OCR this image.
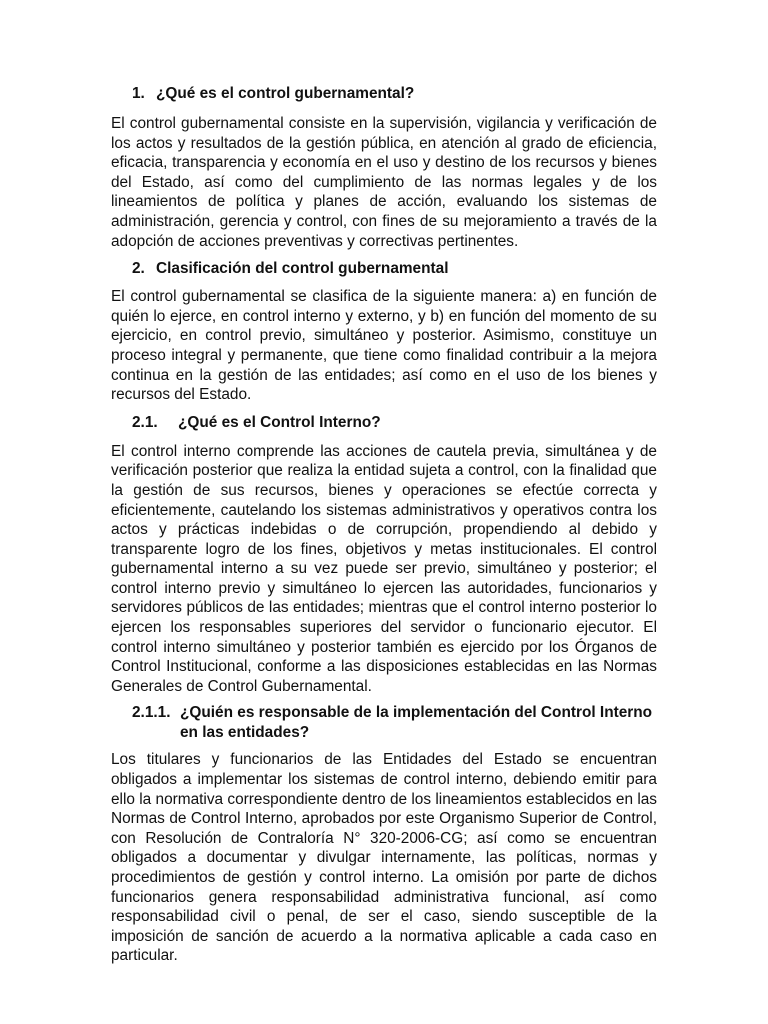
1. ¿Qué es el control gubernamental?

El control gubernamental consiste en la supervisión, vigilancia y verificación de los actos y resultados de la gestión pública, en atención al grado de eficiencia, eficacia, transparencia y economía en el uso y destino de los recursos y bienes del Estado, así como del cumplimiento de las normas legales y de los lineamientos de política y planes de acción, evaluando los sistemas de administración, gerencia y control, con fines de su mejoramiento a través de la adopción de acciones preventivas y correctivas pertinentes.

2. Clasificación del control gubernamental

El control gubernamental se clasifica de la siguiente manera: a) en función de quién lo ejerce, en control interno y externo, y b) en función del momento de su ejercicio, en control previo, simultáneo y posterior. Asimismo, constituye un proceso integral y permanente, que tiene como finalidad contribuir a la mejora continua en la gestión de las entidades; así como en el uso de los bienes y recursos del Estado.

2.1.	¿Qué es el Control Interno?

El control interno comprende las acciones de cautela previa, simultánea y de verificación posterior que realiza la entidad sujeta a control, con la finalidad que la gestión de sus recursos, bienes y operaciones se efectúe correcta y eficientemente, cautelando los sistemas administrativos y operativos contra los actos y prácticas indebidas o de corrupción, propendiendo al debido y transparente logro de los fines, objetivos y metas institucionales. El control gubernamental interno a su vez puede ser previo, simultáneo y posterior; el control interno previo y simultáneo lo ejercen las autoridades, funcionarios y servidores públicos de las entidades; mientras que el control interno posterior lo ejercen los responsables superiores del servidor o funcionario ejecutor. El control interno simultáneo y posterior también es ejercido por los Órganos de Control Institucional, conforme a las disposiciones establecidas en las Normas Generales de Control Gubernamental.

2.1.1. ¿Quién es responsable de la implementación del Control Interno en las entidades?

Los titulares y funcionarios de las Entidades del Estado se encuentran obligados a implementar los sistemas de control interno, debiendo emitir para ello la normativa correspondiente dentro de los lineamientos establecidos en las Normas de Control Interno, aprobados por este Organismo Superior de Control, con Resolución de Contraloría N° 320-2006-CG; así como se encuentran obligados a documentar y divulgar internamente, las políticas, normas y procedimientos de gestión y control interno. La omisión por parte de dichos funcionarios genera responsabilidad administrativa funcional, así como responsabilidad civil o penal, de ser el caso, siendo susceptible de la imposición de sanción de acuerdo a la normativa aplicable a cada caso en particular.
